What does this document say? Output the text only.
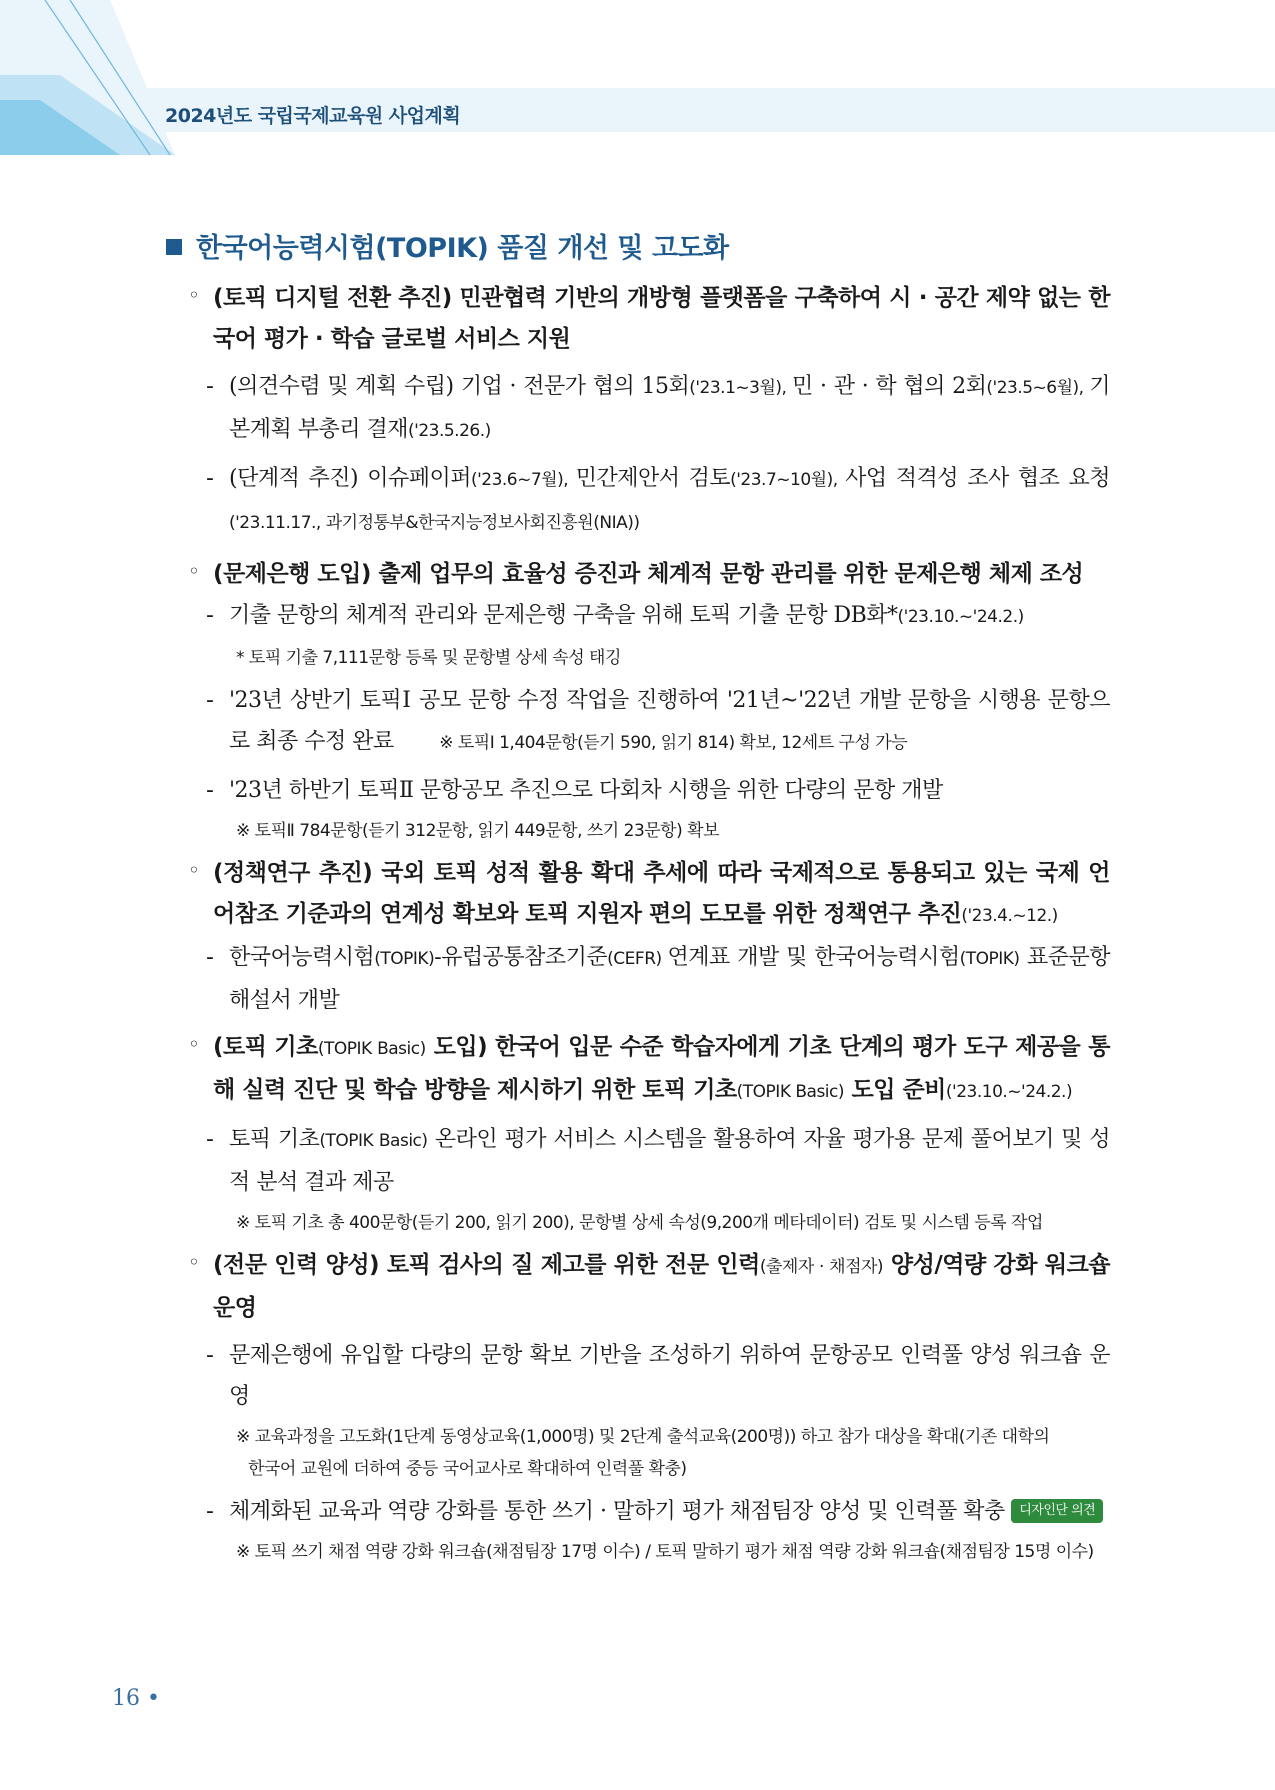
2024년도 국립국제교육원 사업계획
한국어능력시험(TOPIK) 품질 개선 및 고도화
◦ (토픽 디지털 전환 추진) 민관협력 기반의 개방형 플랫폼을 구축하여 시 · 공간 제약 없는 한국어 평가 · 학습 글로벌 서비스 지원
- (의견수렴 및 계획 수립) 기업 · 전문가 협의 15회('23.1~3월), 민 · 관 · 학 협의 2회('23.5~6월), 기본계획 부총리 결재('23.5.26.)
- (단계적 추진) 이슈페이퍼('23.6~7월), 민간제안서 검토('23.7~10월), 사업 적격성 조사 협조 요청('23.11.17., 과기정통부&한국지능정보사회진흥원(NIA))
◦ (문제은행 도입) 출제 업무의 효율성 증진과 체계적 문항 관리를 위한 문제은행 체제 조성
- 기출 문항의 체계적 관리와 문제은행 구축을 위해 토픽 기출 문항 DB화*('23.10.~'24.2.)
* 토픽 기출 7,111문항 등록 및 문항별 상세 속성 태깅
- '23년 상반기 토픽Ⅰ 공모 문항 수정 작업을 진행하여 '21년~'22년 개발 문항을 시행용 문항으로 최종 수정 완료	※ 토픽Ⅰ 1,404문항(듣기 590, 읽기 814) 확보, 12세트 구성 가능
- '23년 하반기 토픽Ⅱ 문항공모 추진으로 다회차 시행을 위한 다량의 문항 개발
※ 토픽Ⅱ 784문항(듣기 312문항, 읽기 449문항, 쓰기 23문항) 확보
◦ (정책연구 추진) 국외 토픽 성적 활용 확대 추세에 따라 국제적으로 통용되고 있는 국제 언어참조 기준과의 연계성 확보와 토픽 지원자 편의 도모를 위한 정책연구 추진('23.4.~12.)
- 한국어능력시험(TOPIK)-유럽공통참조기준(CEFR) 연계표 개발 및 한국어능력시험(TOPIK) 표준문항해설서 개발
◦ (토픽 기초(TOPIK Basic) 도입) 한국어 입문 수준 학습자에게 기초 단계의 평가 도구 제공을 통해 실력 진단 및 학습 방향을 제시하기 위한 토픽 기초(TOPIK Basic) 도입 준비('23.10.~'24.2.)
- 토픽 기초(TOPIK Basic) 온라인 평가 서비스 시스템을 활용하여 자율 평가용 문제 풀어보기 및 성적 분석 결과 제공
※ 토픽 기초 총 400문항(듣기 200, 읽기 200), 문항별 상세 속성(9,200개 메타데이터) 검토 및 시스템 등록 작업
◦ (전문 인력 양성) 토픽 검사의 질 제고를 위한 전문 인력(출제자 · 채점자) 양성/역량 강화 워크숍 운영
- 문제은행에 유입할 다량의 문항 확보 기반을 조성하기 위하여 문항공모 인력풀 양성 워크숍 운영
※ 교육과정을 고도화(1단계 동영상교육(1,000명) 및 2단계 출석교육(200명)) 하고 참가 대상을 확대(기존 대학의
한국어 교원에 더하여 중등 국어교사로 확대하여 인력풀 확충)
- 체계화된 교육과 역량 강화를 통한 쓰기 · 말하기 평가 채점팀장 양성 및 인력풀 확충 디자인단 의견
※ 토픽 쓰기 채점 역량 강화 워크숍(채점팀장 17명 이수) / 토픽 말하기 평가 채점 역량 강화 워크숍(채점팀장 15명 이수)
16 •
